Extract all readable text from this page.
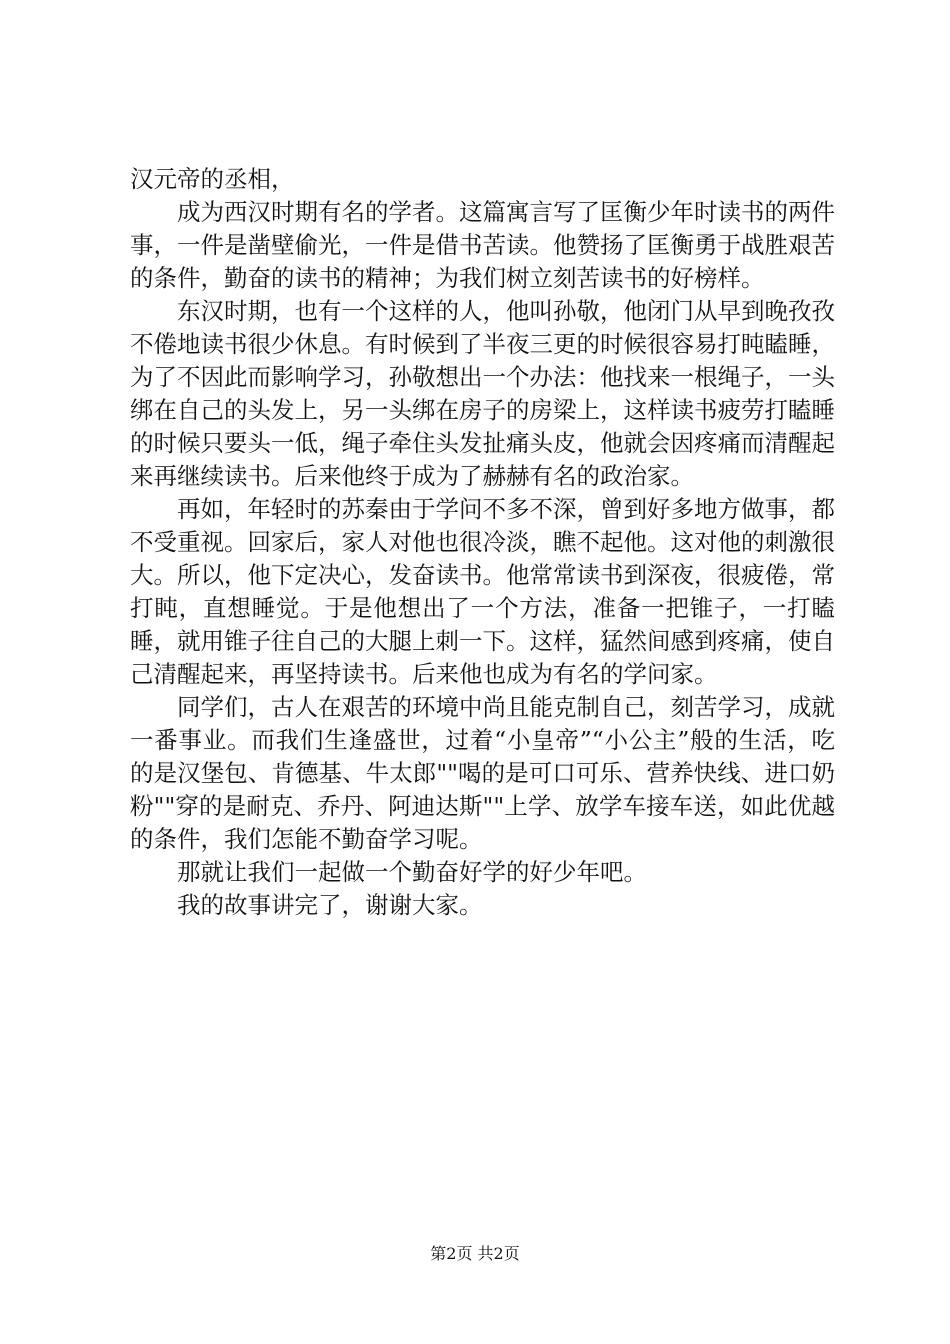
汉元帝的丞相，

成为西汉时期有名的学者。这篇寓言写了匡衡少年时读书的两件事，一件是凿壁偷光，一件是借书苦读。他赞扬了匡衡勇于战胜艰苦的条件，勤奋的读书的精神；为我们树立刻苦读书的好榜样。

东汉时期，也有一个这样的人，他叫孙敬，他闭门从早到晚孜孜不倦地读书很少休息。有时候到了半夜三更的时候很容易打盹瞌睡，为了不因此而影响学习，孙敬想出一个办法：他找来一根绳子，一头绑在自己的头发上，另一头绑在房子的房梁上，这样读书疲劳打瞌睡的时候只要头一低，绳子牵住头发扯痛头皮，他就会因疼痛而清醒起来再继续读书。后来他终于成为了赫赫有名的政治家。

再如，年轻时的苏秦由于学问不多不深，曾到好多地方做事，都不受重视。回家后，家人对他也很冷淡，瞧不起他。这对他的刺激很大。所以，他下定决心，发奋读书。他常常读书到深夜，很疲倦，常打盹，直想睡觉。于是他想出了一个方法，准备一把锥子，一打瞌睡，就用锥子往自己的大腿上刺一下。这样，猛然间感到疼痛，使自己清醒起来，再坚持读书。后来他也成为有名的学问家。

同学们，古人在艰苦的环境中尚且能克制自己，刻苦学习，成就一番事业。而我们生逢盛世，过着“小皇帝”“小公主”般的生活，吃的是汉堡包、肯德基、牛太郎""喝的是可口可乐、营养快线、进口奶粉""穿的是耐克、乔丹、阿迪达斯""上学、放学车接车送，如此优越的条件，我们怎能不勤奋学习呢。

那就让我们一起做一个勤奋好学的好少年吧。

我的故事讲完了，谢谢大家。

第2页 共2页
